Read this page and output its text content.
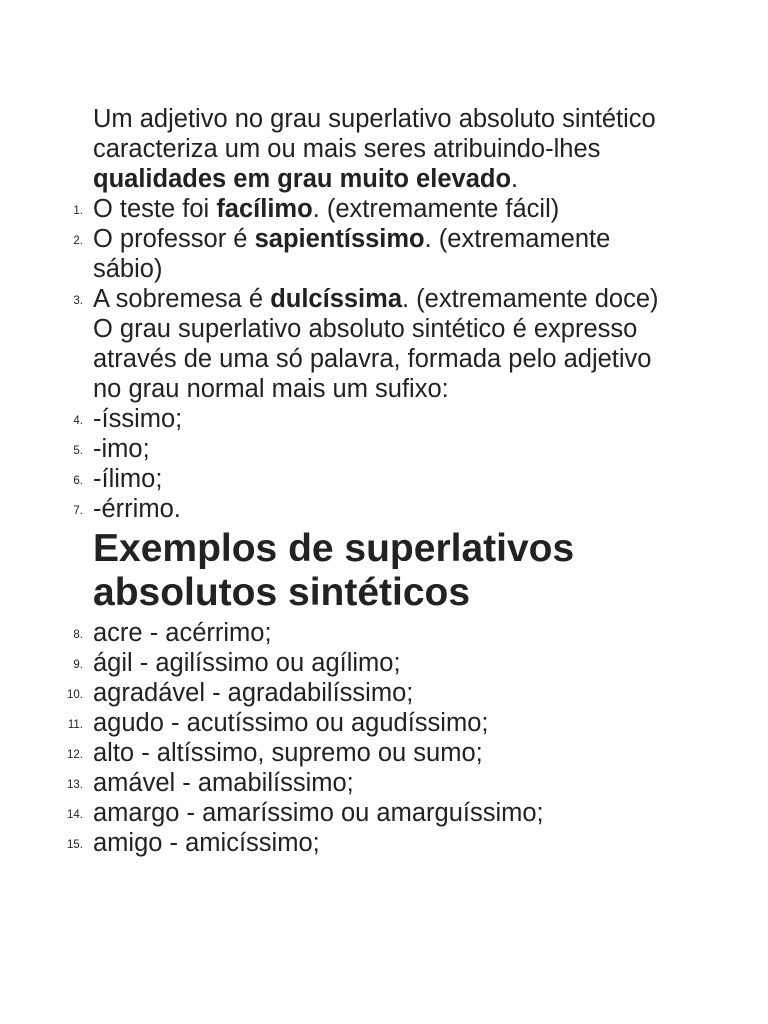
Um adjetivo no grau superlativo absoluto sintético caracteriza um ou mais seres atribuindo-lhes qualidades em grau muito elevado.
1. O teste foi facílimo. (extremamente fácil)
2. O professor é sapientíssimo. (extremamente sábio)
3. A sobremesa é dulcíssima. (extremamente doce)
O grau superlativo absoluto sintético é expresso através de uma só palavra, formada pelo adjetivo no grau normal mais um sufixo:
4. -íssimo;
5. -imo;
6. -ílimo;
7. -érrimo.
Exemplos de superlativos absolutos sintéticos
8. acre - acérrimo;
9. ágil - agilíssimo ou agílimo;
10. agradável - agradabilíssimo;
11. agudo - acutíssimo ou agudíssimo;
12. alto - altíssimo, supremo ou sumo;
13. amável - amabilíssimo;
14. amargo - amaríssimo ou amarguíssimo;
15. amigo - amicíssimo;
